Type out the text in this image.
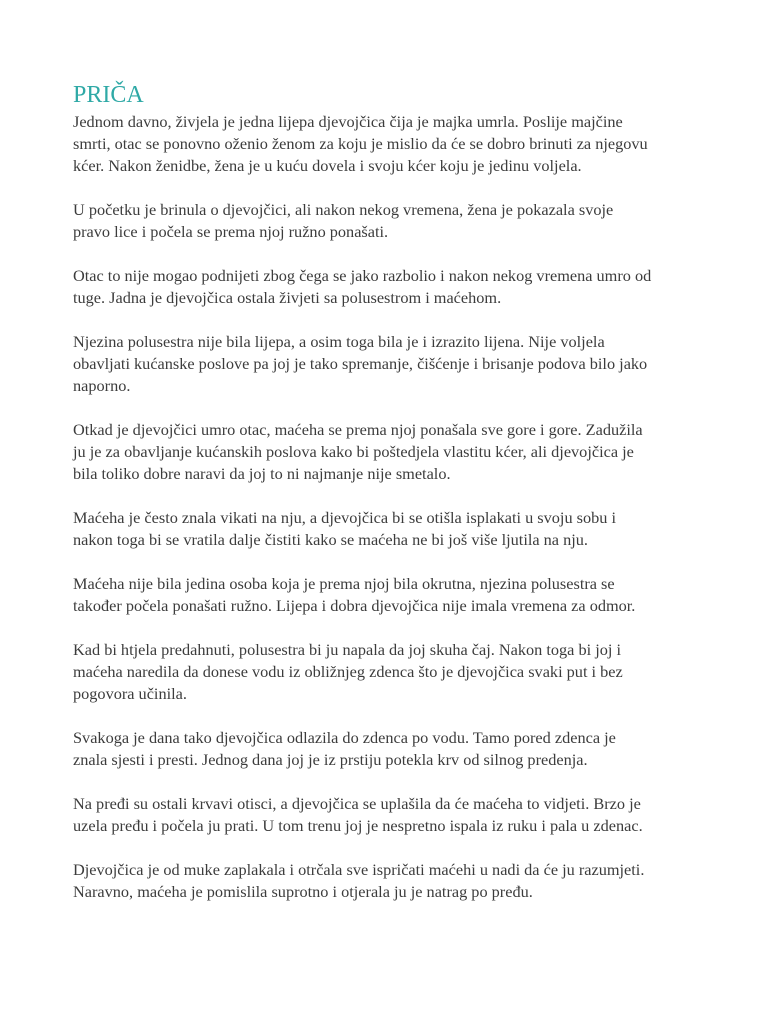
PRIČA

Jednom davno, živjela je jedna lijepa djevojčica čija je majka umrla. Poslije majčine
smrti, otac se ponovno oženio ženom za koju je mislio da će se dobro brinuti za njegovu
kćer. Nakon ženidbe, žena je u kuću dovela i svoju kćer koju je jedinu voljela.

U početku je brinula o djevojčici, ali nakon nekog vremena, žena je pokazala svoje
pravo lice i počela se prema njoj ružno ponašati.

Otac to nije mogao podnijeti zbog čega se jako razbolio i nakon nekog vremena umro od
tuge. Jadna je djevojčica ostala živjeti sa polusestrom i maćehom.

Njezina polusestra nije bila lijepa, a osim toga bila je i izrazito lijena. Nije voljela
obavljati kućanske poslove pa joj je tako spremanje, čišćenje i brisanje podova bilo jako
naporno.

Otkad je djevojčici umro otac, maćeha se prema njoj ponašala sve gore i gore. Zadužila
ju je za obavljanje kućanskih poslova kako bi poštedjela vlastitu kćer, ali djevojčica je
bila toliko dobre naravi da joj to ni najmanje nije smetalo.

Maćeha je često znala vikati na nju, a djevojčica bi se otišla isplakati u svoju sobu i
nakon toga bi se vratila dalje čistiti kako se maćeha ne bi još više ljutila na nju.

Maćeha nije bila jedina osoba koja je prema njoj bila okrutna, njezina polusestra se
također počela ponašati ružno. Lijepa i dobra djevojčica nije imala vremena za odmor.

Kad bi htjela predahnuti, polusestra bi ju napala da joj skuha čaj. Nakon toga bi joj i
maćeha naredila da donese vodu iz obližnjeg zdenca što je djevojčica svaki put i bez
pogovora učinila.

Svakoga je dana tako djevojčica odlazila do zdenca po vodu. Tamo pored zdenca je
znala sjesti i presti. Jednog dana joj je iz prstiju potekla krv od silnog predenja.

Na pređi su ostali krvavi otisci, a djevojčica se uplašila da će maćeha to vidjeti. Brzo je
uzela pređu i počela ju prati. U tom trenu joj je nespretno ispala iz ruku i pala u zdenac.

Djevojčica je od muke zaplakala i otrčala sve ispričati maćehi u nadi da će ju razumjeti.
Naravno, maćeha je pomislila suprotno i otjerala ju je natrag po pređu.
